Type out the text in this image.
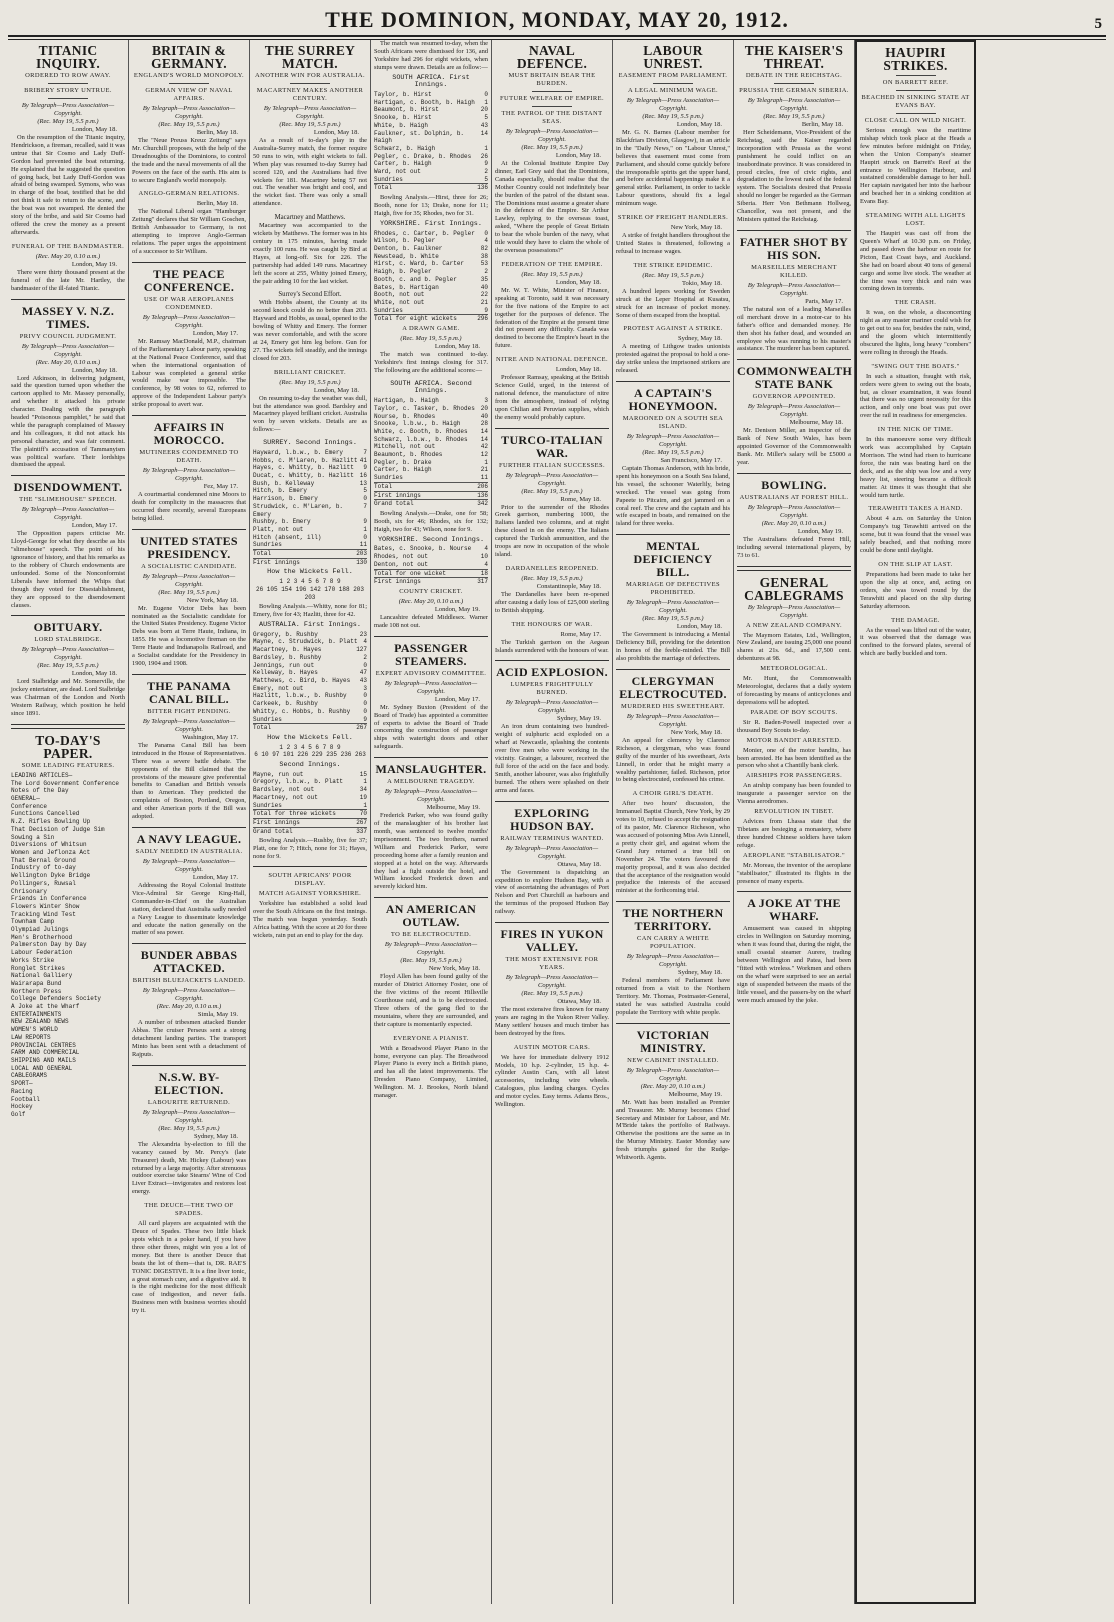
THE DOMINION, MONDAY, MAY 20, 1912.	5
TITANIC INQUIRY.
ORDERED TO ROW AWAY.
BRIBERY STORY UNTRUE.
By Telegraph—Press Association—Copyright.
(Rec. May 19, 5.5 p.m.)
London, May 18.

On the resumption of the Titanic inquiry, Hendrickson, a fireman, recalled, said it was untrue that Sir Cosmo and Lady Duff-Gordon had prevented the boat returning. He explained that he suggested the question of going back, but Lady Duff-Gordon was afraid of being swamped. Symons, who was in charge of the boat, testified that he did not think it safe to return to the scene, and the boat was not swamped. He denied the story of the bribe, and said Sir Cosmo had offered the crew the money as a present afterwards.

FUNERAL OF THE BANDMASTER.
(Rec. May 20, 0.10 a.m.)
London, May 19.

There were thirty thousand present at the funeral of the late Mr. Hartley, the bandmaster of the ill-fated Titanic.

MASSEY V. N.Z. TIMES.
PRIVY COUNCIL JUDGMENT.
By Telegraph—Press Association—Copyright.
(Rec. May 20, 0.10 a.m.)
London, May 18.

Lord Atkinson, in delivering judgment, said the question turned upon whether the cartoon applied to Mr. Massey personally, and whether it attacked his private character. Dealing with the paragraph headed "Poisonous pamphlet," he said that while the paragraph complained of Massey and his colleagues, it did not attack his personal character, and was fair comment. The plaintiff's accusation of Tammanyism was political warfare. Their lordships dismissed the appeal.

DISENDOWMENT.
THE "SLIMEHOUSE" SPEECH.
By Telegraph—Press Association—Copyright.
London, May 17.

The Opposition papers criticise Mr. Lloyd-George for what they describe as his "slimehouse" speech. The point of his ignorance of history, and that his remarks as to the robbery of Church endowments are unfounded. Some of the Nonconformist Liberals have informed the Whips that though they voted for Disestablishment, they are opposed to the disendowment clauses.

OBITUARY.
LORD STALBRIDGE.
By Telegraph—Press Association—Copyright.
(Rec. May 19, 5.5 p.m.)
London, May 18.

Lord Stalbridge and Mr. Somerville, the jockey entertainer, are dead. Lord Stalbridge was Chairman of the London and North Western Railway, which position he held since 1891.

TO-DAY'S PAPER.
SOME LEADING FEATURES.
LEADING ARTICLES—
The Lord Government Conference
Notes of the Day
GENERAL—
Conference
Functions Cancelled
N.Z. Rifles Bowling Up
That Decision of Judge Sim
Sowing a Sin
Diversions of Whitsun
Women and Jeflonza Act
That Bernal Ground
Industry of to-day
Wellington Dyke Bridge
Pollingers, Ruwsal
Chrisonary
Friends in Conference
Flowers Winter Show
Tracking Wind Test
Townham Camp
Olympiad Julings
Men's Brotherhood
Palmerston Day by Day
Labour Federation
Works Strike
Ronglet Strikes
National Galliery
Wairarapa Bund
Northern Press
College Defenders Society
A Joke at the Wharf
ENTERTAINMENTS
NEW ZEALAND NEWS
WOMEN'S WORLD
LAW REPORTS
PROVINCIAL CENTRES
FARM AND COMMERCIAL
SHIPPING AND MAILS
LOCAL AND GENERAL
CABLEGRAMS
SPORT—
Racing
Football
Hockey
Golf
BRITAIN & GERMANY.
ENGLAND'S WORLD MONOPOLY.
GERMAN VIEW OF NAVAL AFFAIRS.
By Telegraph—Press Association—Copyright.
(Rec. May 19, 5.5 p.m.)
Berlin, May 18.

The "Neue Preuss Kreuz Zeitung" says Mr. Churchill proposes, with the help of the Dreadnoughts of the Dominions, to control the trade and the naval movements of all the Powers on the face of the earth. His aim is to secure England's world monopoly.

ANGLO-GERMAN RELATIONS.
Berlin, May 18.

The National Liberal organ "Hamburger Zeitung" declares that Sir William Goschen, British Ambassador to Germany, is not attempting to improve Anglo-German relations. The paper urges the appointment of a successor to Sir William.

THE PEACE CONFERENCE.
USE OF WAR AEROPLANES CONDEMNED.
By Telegraph—Press Association—Copyright.
London, May 17.

Mr. Ramsay MacDonald, M.P., chairman of the Parliamentary Labour party, speaking at the National Peace Conference, said that when the international organisation of Labour was completed a general strike would make war impossible. The conference, by 98 votes to 62, referred to approve of the Independent Labour party's strike proposal to avert war.

AFFAIRS IN MOROCCO.
MUTINEERS CONDEMNED TO DEATH.
By Telegraph—Press Association—Copyright.
Fez, May 17.

A courtmartial condemned nine Moors to death for complicity in the massacres that occurred there recently, several Europeans being killed.

UNITED STATES PRESIDENCY.
A SOCIALISTIC CANDIDATE.
By Telegraph—Press Association—Copyright.
(Rec. May 19, 5.5 p.m.)
New York, May 18.

Mr. Eugene Victor Debs has been nominated as the Socialistic candidate for the United States Presidency. Eugene Victor Debs was born at Terre Haute, Indiana, in 1855. He was a locomotive fireman on the Terre Haute and Indianapolis Railroad, and a Socialist candidate for the Presidency in 1900, 1904 and 1908.

THE PANAMA CANAL BILL.
BITTER FIGHT PENDING.
By Telegraph—Press Association—Copyright.
Washington, May 17.

The Panama Canal Bill has been introduced in the House of Representatives. There was a severe battle debate. The opponents of the Bill claimed that the provisions of the measure give preferential benefits to Canadian and British vessels than to American. They predicted the complaints of Boston, Portland, Oregon, and other American ports if the Bill was adopted.

A NAVY LEAGUE.
SADLY NEEDED IN AUSTRALIA.
By Telegraph—Press Association—Copyright.
London, May 17.

Addressing the Royal Colonial Institute Vice-Admiral Sir George King-Hall, Commander-in-Chief on the Australian station, declared that Australia sadly needed a Navy League to disseminate knowledge and educate the nation generally on the matter of sea power.

BUNDER ABBAS ATTACKED.
BRITISH BLUEJACKETS LANDED.
By Telegraph—Press Association—Copyright.
(Rec. May 20, 0.10 a.m.)
Simla, May 19.

A number of tribesmen attacked Bunder Abbas. The cruiser Perseus sent a strong detachment landing parties. The transport Minto has been sent with a detachment of Rajputs.

N.S.W. BY-ELECTION.
LABOURITE RETURNED.
By Telegraph—Press Association—Copyright.
(Rec. May 19, 5.5 p.m.)
Sydney, May 18.

The Alexandria by-election to fill the vacancy caused by Mr. Percy's (late Treasurer) death, Mr. Hickey (Labour) was returned by a large majority. After strenuous outdoor exercise take Stearns' Wine of Cod Liver Extract—invigorates and restores lost energy.

THE DEUCE—THE TWO OF SPADES.

All card players are acquainted with the Deuce of Spades. These two little black spots which in a poker hand, if you have three other threes, might win you a lot of money. But there is another Deuce that beats the lot of them—that is, DR. RAE'S TONIC DIGESTIVE. It is a fine liver tonic, a great stomach cure, and a digestive aid. It is the right medicine for the most difficult case of indigestion, and never fails. Business men with business worries should try it.

THE SURREY MATCH.
ANOTHER WIN FOR AUSTRALIA.
MACARTNEY MAKES ANOTHER CENTURY.
By Telegraph—Press Association—Copyright.
(Rec. May 19, 5.5 p.m.)
London, May 18.

As a result of to-day's play in the Australia-Surrey match, the former require 50 runs to win, with eight wickets to fall. When play was resumed to-day Surrey had scored 120, and the Australians had five wickets for 181. Macartney being 57 not out. The weather was bright and cool, and the wicket fast. There was only a small attendance.

Macartney and Matthews.

Macartney was accompanied to the wickets by Matthews. The former was in his century in 175 minutes, having made exactly 100 runs. He was caught by Bird at Hayes, at long-off. Six for 226. The partnership had added 149 runs. Macartney left the score at 255, Whitty joined Emery, the pair adding 10 for the last wicket.

Surrey's Second Effort.

With Hobbs absent, the County at its second knock could do no better than 203. Hayward and Hobbs, as usual, opened to the bowling of Whitty and Emery. The former was never comfortable, and with the score at 24, Emery got him leg before. Gun for 27. The wickets fell steadily, and the innings closed for 203.

BRILLIANT CRICKET.
(Rec. May 19, 5.5 p.m.)
London, May 18.

On resuming to-day the weather was dull, but the attendance was good. Bardsley and Macartney played brilliant cricket. Australia won by seven wickets. Details are as follows:—

SURREY. Second Innings.
Hayward, l.b.w., b. Emery	7
Hobbs, c. M'Laren, b. Hazlitt 41
Hayes, c. Whitty, b. Hazlitt 9
Ducat, c. Whitty, b. Hazlitt 16
Bush, b. Kelleway	13
Hitch, b. Emery	5
Harrison, b. Emery	0
Strudwick, c. M'Laren, b. Emery
7
Rushby, b. Emery	9
Platt, not out	1
Hitch (absent, ill)	0
Sundries	11
Total	203
First innings	130
How the Wickets Fell.
1 2 3 4 5 6 7 8 9
26 105 154 196 142 170 188 203 203

Bowling Analysis.—Whitty, none for 81; Emery, five for 43; Hazlitt, three for 42.

AUSTRALIA. First Innings.
Gregory, b. Rushby	23
Mayne, c. Strudwick, b. Platt 4
Macartney, b. Hayes	127
Bardsley, b. Rushby	2
Jennings, run out	0
Kelleway, b. Hayes	47
Matthews, c. Bird, b. Hayes 43
Emery, not out	3
Hazlitt, l.b.w., b. Rushby	0
Carkeek, b. Rushby	0
Whitty, c. Hobbs, b. Rushby 0
Sundries	9
Total	267
How the Wickets Fell.
1 2 3 4 5 6 7 8 9
6 10 97 101 226 229 235 236 263
Second Innings.
Mayne, run out	15
Gregory, l.b.w., b. Platt	1
Bardsley, not out	34
Macartney, not out	19
Sundries	1
Total for three wickets	70
First innings	267
Grand total	337

Bowling Analysis.—Rushby, five for 37; Platt, one for 7; Hitch, none for 31; Hayes, none for 9.

SOUTH AFRICANS' POOR DISPLAY.
MATCH AGAINST YORKSHIRE.

Yorkshire has established a solid lead over the South Africans on the first innings. The match was begun yesterday. South Africa batting. With the score at 20 for three wickets, rain put an end to play for the day.

The match was resumed to-day, when the South Africans were dismissed for 136, and Yorkshire had 296 for eight wickets, when stumps were drawn. Details are as follow:—

SOUTH AFRICA. First Innings.
Taylor, b. Hirst	0
Hartigan, c. Booth, b. Haigh 1
Beaumont, b. Hirst	20
Snooke, b. Hirst	5
White, b. Haigh	43
Faulkner, st. Dolphin, b. Haigh
14
Schwarz, b. Haigh	1
Pegler, c. Drake, b. Rhodes 26
Carter, b. Haigh	9
Ward, not out	2
Sundries	5
Total	136

Bowling Analysis.—Hirst, three for 26; Booth, none for 13; Drake, none for 11; Haigh, five for 35; Rhodes, two for 31.

YORKSHIRE. First Innings.
Rhodes, c. Carter, b. Pegler 0
Wilson, b. Pegler	4
Denton, b. Faulkner	82
Newstead, b. White	38
Hirst, c. Ward, b. Carter	53
Haigh, b. Pegler	2
Booth, c. and b. Pegler	35
Bates, b. Hartigan	40
Booth, not out	22
White, not out	21
Sundries	9
Total for eight wickets	296
A DRAWN GAME.
(Rec. May 19, 5.5 p.m.)
London, May 18.

The match was continued to-day. Yorkshire's first innings closing for 317. The following are the additional scores:—

SOUTH AFRICA. Second Innings.
Hartigan, b. Haigh	3
Taylor, c. Tasker, b. Rhodes 20
Nourse, b. Rhodes	40
Snooke, l.b.w., b. Haigh	28
White, c. Booth, b. Rhodes 14
Schwarz, l.b.w., b. Rhodes 14
Mitchell, not out	42
Beaumont, b. Rhodes	12
Pegler, b. Drake	1
Carter, b. Haigh	21
Sundries	11
Total	206
First innings	136
Grand total	342

Bowling Analysis.—Drake, one for 58; Booth, six for 46; Rhodes, six for 132; Haigh, two for 43; Wilson, none for 9.

YORKSHIRE. Second Innings.
Bates, c. Snooke, b. Nourse 4
Rhodes, not out	10
Denton, not out	4
Total for one wicket	18
First innings	317
COUNTY CRICKET.
(Rec. May 20, 0.10 a.m.)
London, May 19.

Lancashire defeated Middlesex. Warner made 108 not out.

PASSENGER STEAMERS.
EXPERT ADVISORY COMMITTEE.
By Telegraph—Press Association—Copyright.
London, May 17.

Mr. Sydney Buxton (President of the Board of Trade) has appointed a committee of experts to advise the Board of Trade concerning the construction of passenger ships with watertight doors and other safeguards.

MANSLAUGHTER.
A MELBOURNE TRAGEDY.
By Telegraph—Press Association—Copyright.
Melbourne, May 19.

Frederick Parker, who was found guilty of the manslaughter of his brother last month, was sentenced to twelve months' imprisonment. The two brothers, named William and Frederick Parker, were proceeding home after a family reunion and stopped at a hotel on the way. Afterwards they had a fight outside the hotel, and William knocked Frederick down and severely kicked him.

AN AMERICAN OUTLAW.
TO BE ELECTROCUTED.
By Telegraph—Press Association—Copyright.
(Rec. May 19, 5.5 p.m.)
New York, May 18.

Floyd Allen has been found guilty of the murder of District Attorney Foster, one of the five victims of the recent Hillsville Courthouse raid, and is to be electrocuted. Three others of the gang fled to the mountains, where they are surrounded, and their capture is momentarily expected.

EVERYONE A PIANIST.

With a Broadwood Player Piano in the home, everyone can play. The Broadwood Player Piano is every inch a British piano, and has all the latest improvements. The Dresden Piano Company, Limited, Wellington. M. J. Brookes, North Island manager.

NAVAL DEFENCE.
MUST BRITAIN BEAR THE BURDEN.
FUTURE WELFARE OF EMPIRE.
THE PATROL OF THE DISTANT SEAS.
By Telegraph—Press Association—Copyright.
(Rec. May 19, 5.5 p.m.)
London, May 18.

At the Colonial Institute Empire Day dinner, Earl Grey said that the Dominions, Canada especially, should realise that the Mother Country could not indefinitely bear the burden of the patrol of the distant seas. The Dominions must assume a greater share in the defence of the Empire. Sir Arthur Lawley, replying to the overseas toast, asked, "Where the people of Great Britain to bear the whole burden of the navy, what title would they have to claim the whole of the overseas possessions?"

FEDERATION OF THE EMPIRE.
(Rec. May 19, 5.5 p.m.)
London, May 18.

Mr. W. T. White, Minister of Finance, speaking at Toronto, said it was necessary for the five nations of the Empire to act together for the purposes of defence. The federation of the Empire at the present time did not present any difficulty. Canada was destined to become the Empire's heart in the future.

NITRE AND NATIONAL DEFENCE.
London, May 18.

Professor Ramsay, speaking at the British Science Guild, urged, in the interest of national defence, the manufacture of nitre from the atmosphere, instead of relying upon Chilian and Peruvian supplies, which the enemy would probably capture.

TURCO-ITALIAN WAR.
FURTHER ITALIAN SUCCESSES.
By Telegraph—Press Association—Copyright.
(Rec. May 19, 5.5 p.m.)
Rome, May 18.

Prior to the surrender of the Rhodes Greek garrison, numbering 1000, the Italians landed two columns, and at night these closed in on the enemy. The Italians captured the Turkish ammunition, and the troops are now in occupation of the whole island.

DARDANELLES REOPENED.
(Rec. May 19, 5.5 p.m.)
Constantinople, May 18.

The Dardanelles have been re-opened after causing a daily loss of £25,000 sterling to British shipping.

THE HONOURS OF WAR.
Rome, May 17.

The Turkish garrison on the Aegean Islands surrendered with the honours of war.

ACID EXPLOSION.
LUMPERS FRIGHTFULLY BURNED.
By Telegraph—Press Association—Copyright.
Sydney, May 19.

An iron drum containing two hundred-weight of sulphuric acid exploded on a wharf at Newcastle, splashing the contents over five men who were working in the vicinity. Grainger, a labourer, received the full force of the acid on the face and body. Smith, another labourer, was also frightfully burned. The others were splashed on their arms and faces.

EXPLORING HUDSON BAY.
RAILWAY TERMINUS WANTED.
By Telegraph—Press Association—Copyright.
Ottawa, May 18.

The Government is dispatching an expedition to explore Hudson Bay, with a view of ascertaining the advantages of Port Nelson and Port Churchill as harbours and the terminus of the proposed Hudson Bay railway.

FIRES IN YUKON VALLEY.
THE MOST EXTENSIVE FOR YEARS.
By Telegraph—Press Association—Copyright.
(Rec. May 19, 5.5 p.m.)
Ottawa, May 18.

The most extensive fires known for many years are raging in the Yukon River Valley. Many settlers' houses and much timber has been destroyed by the fires.

AUSTIN MOTOR CARS.

We have for immediate delivery 1912 Models, 10 h.p. 2-cylinder, 15 h.p. 4-cylinder Austin Cars, with all latest accessories, including wire wheels. Catalogues, plus landing charges. Cycles and motor cycles. Easy terms. Adams Bros., Wellington.

LABOUR UNREST.
EASEMENT FROM PARLIAMENT.
A LEGAL MINIMUM WAGE.
By Telegraph—Press Association—Copyright.
(Rec. May 19, 5.5 p.m.)
London, May 18.

Mr. G. N. Barnes (Labour member for Blackfriars Division, Glasgow), in an article in the "Daily News," on "Labour Unrest," believes that easement must come from Parliament, and should come quickly before the irresponsible spirits get the upper hand, and before accidental happenings make it a general strike. Parliament, in order to tackle Labour questions, should fix a legal minimum wage.

STRIKE OF FREIGHT HANDLERS.
New York, May 18.

A strike of freight handlers throughout the United States is threatened, following a refusal to increase wages.

THE STRIKE EPIDEMIC.
(Rec. May 19, 5.5 p.m.)
Tokio, May 18.

A hundred lepers working for Sweden struck at the Leper Hospital at Kusatsu, struck for an increase of pocket money. Some of them escaped from the hospital.

PROTEST AGAINST A STRIKE.
Sydney, May 18.

A meeting of Lithgow trades unionists protested against the proposal to hold a one-day strike unless the imprisoned strikers are released.

A CAPTAIN'S HONEYMOON.
MAROONED ON A SOUTH SEA ISLAND.
By Telegraph—Press Association—Copyright.
(Rec. May 19, 5.5 p.m.)
San Francisco, May 17.

Captain Thomas Anderson, with his bride, spent his honeymoon on a South Sea Island, his vessel, the schooner Waterlily, being wrecked. The vessel was going from Papeete to Pitcairn, and got jammed on a coral reef. The crew and the captain and his wife escaped in boats, and remained on the island for three weeks.

MENTAL DEFICIENCY BILL.
MARRIAGE OF DEFECTIVES PROHIBITED.
By Telegraph—Press Association—Copyright.
(Rec. May 19, 5.5 p.m.)
London, May 18.

The Government is introducing a Mental Deficiency Bill, providing for the detention in homes of the feeble-minded. The Bill also prohibits the marriage of defectives.

CLERGYMAN ELECTROCUTED.
MURDERED HIS SWEETHEART.
By Telegraph—Press Association—Copyright.
New York, May 18.

An appeal for clemency by Clarence Richeson, a clergyman, who was found guilty of the murder of his sweetheart, Avis Linnell, in order that he might marry a wealthy parishioner, failed. Richeson, prior to being electrocuted, confessed his crime.

A CHOIR GIRL'S DEATH.

After two hours' discussion, the Immanuel Baptist Church, New York, by 29 votes to 10, refused to accept the resignation of its pastor, Mr. Clarence Richeson, who was accused of poisoning Miss Avis Linnell, a pretty choir girl, and against whom the Grand Jury returned a true bill on November 24. The voters favoured the majority proposal, and it was also decided that the acceptance of the resignation would prejudice the interests of the accused minister at the forthcoming trial.

THE NORTHERN TERRITORY.
CAN CARRY A WHITE POPULATION.
By Telegraph—Press Association—Copyright.
Sydney, May 18.

Federal members of Parliament have returned from a visit to the Northern Territory. Mr. Thomas, Postmaster-General, stated he was satisfied Australia could populate the Territory with white people.

VICTORIAN MINISTRY.
NEW CABINET INSTALLED.
By Telegraph—Press Association—Copyright.
(Rec. May 20, 0.10 a.m.)
Melbourne, May 19.

Mr. Watt has been installed as Premier and Treasurer. Mr. Murray becomes Chief Secretary and Minister for Labour, and Mr. M'Bride takes the portfolio of Railways. Otherwise the positions are the same as in the Murray Ministry. Easter Monday saw fresh triumphs gained for the Rudge-Whitworth. Agents.

THE KAISER'S THREAT.
DEBATE IN THE REICHSTAG.
PRUSSIA THE GERMAN SIBERIA.
By Telegraph—Press Association—Copyright.
(Rec. May 19, 5.5 p.m.)
Berlin, May 18.

Herr Scheidemann, Vice-President of the Reichstag, said the Kaiser regarded incorporation with Prussia as the worst punishment he could inflict on an insubordinate province. It was considered in proud circles, free of civic rights, and degradation to the lowest rank of the federal system. The Socialists desired that Prussia should no longer be regarded as the German Siberia. Herr Von Bethmann Hollweg, Chancellor, was not present, and the Ministers quitted the Reichstag.

FATHER SHOT BY HIS SON.
MARSEILLES MERCHANT KILLED.
By Telegraph—Press Association—Copyright.
Paris, May 17.

The natural son of a leading Marseilles oil merchant drove in a motor-car to his father's office and demanded money. He then shot his father dead, and wounded an employee who was running to his master's assistance. The murderer has been captured.

COMMONWEALTH STATE BANK
GOVERNOR APPOINTED.
By Telegraph—Press Association—Copyright.
Melbourne, May 18.

Mr. Denison Miller, an inspector of the Bank of New South Wales, has been appointed Governor of the Commonwealth Bank. Mr. Miller's salary will be £5000 a year.

BOWLING.
AUSTRALIANS AT FOREST HILL.
By Telegraph—Press Association—Copyright.
(Rec. May 20, 0.10 a.m.)
London, May 19.

The Australians defeated Forest Hill, including several international players, by 73 to 61.

GENERAL CABLEGRAMS
By Telegraph—Press Association—Copyright.
A NEW ZEALAND COMPANY.

The Maymorn Estates, Ltd., Wellington, New Zealand, are issuing 25,000 one pound shares at 21s. 6d., and 17,500 cent. debentures at 98.

METEOROLOGICAL.

Mr. Hunt, the Commonwealth Meteorologist, declares that a daily system of forecasting by means of anticyclones and depressions will be adopted.

PARADE OF BOY SCOUTS.

Sir R. Baden-Powell inspected over a thousand Boy Scouts to-day.

MOTOR BANDIT ARRESTED.

Monier, one of the motor bandits, has been arrested. He has been identified as the person who shot a Chantilly bank clerk.

AIRSHIPS FOR PASSENGERS.

An airship company has been founded to inaugurate a passenger service on the Vienna aerodromes.

REVOLUTION IN TIBET.

Advices from Lhassa state that the Tibetans are besieging a monastery, where three hundred Chinese soldiers have taken refuge.

AEROPLANE "STABILISATOR."

Mr. Moreau, the inventor of the aeroplane "stabilisator," illustrated its flights in the presence of many experts.

A JOKE AT THE WHARF.

Amusement was caused in shipping circles in Wellington on Saturday morning, when it was found that, during the night, the small coastal steamer Aurere, trading between Wellington and Patea, had been "fitted with wireless." Workmen and others on the wharf were surprised to see an aerial sign of suspended between the masts of the little vessel, and the passers-by on the wharf were much amused by the joke.

HAUPIRI STRIKES.
ON BARRETT REEF.
BEACHED IN SINKING STATE AT EVANS BAY.
CLOSE CALL ON WILD NIGHT.

Serious enough was the maritime mishap which took place at the Heads a few minutes before midnight on Friday, when the Union Company's steamer Haupiri struck on Barrett's Reef at the entrance to Wellington Harbour, and sustained considerable damage to her hull. Her captain navigated her into the harbour and beached her in a sinking condition at Evans Bay.

STEAMING WITH ALL LIGHTS LOST.

The Haupiri was cast off from the Queen's Wharf at 10.30 p.m. on Friday, and passed down the harbour en route for Picton, East Coast bays, and Auckland. She had on board about 40 tons of general cargo and some live stock. The weather at the time was very thick and rain was coming down in torrents.

THE CRASH.

It was, on the whole, a disconcerting night as any master mariner could wish for to get out to sea for, besides the rain, wind, and the gloom which intermittently obscured the lights, long heavy "combers" were rolling in through the Heads.

"SWING OUT THE BOATS."

In such a situation, fraught with risk, orders were given to swing out the boats, but, as closer examination, it was found that there was no urgent necessity for this action, and only one boat was put over over the rail in readiness for emergencies.

IN THE NICK OF TIME.

In this manoeuvre some very difficult work was accomplished by Captain Morrison. The wind had risen to hurricane force, the rain was beating hard on the deck, and as the ship was low and a very heavy list, steering became a difficult matter. At times it was thought that she would turn turtle.

TERAWHITI TAKES A HAND.

About 4 a.m. on Saturday the Union Company's tug Terawhiti arrived on the scene, but it was found that the vessel was safely beached, and that nothing more could be done until daylight.

ON THE SLIP AT LAST.

Preparations had been made to take her upon the slip at once, and, acting on orders, she was towed round by the Terawhiti and placed on the slip during Saturday afternoon.

THE DAMAGE.

As the vessel was lifted out of the water, it was observed that the damage was confined to the forward plates, several of which are badly buckled and torn.
